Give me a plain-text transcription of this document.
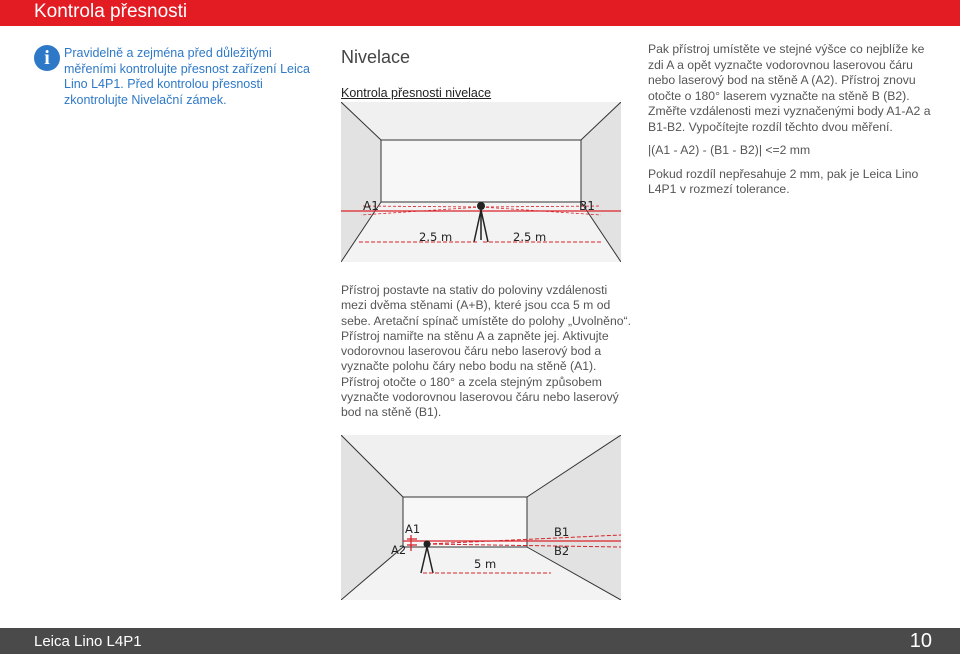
Kontrola přesnosti
i	Pravidelně a zejména před důležitými měřeními kontrolujte přesnost zařízení Leica Lino L4P1. Před kontrolou přesnosti zkontrolujte Nivelační zámek.
Nivelace
Kontrola přesnosti nivelace
A1	B1
2.5 m	2.5 m
Přístroj postavte na stativ do poloviny vzdálenosti mezi dvěma stěnami (A+B), které jsou cca 5 m od sebe. Aretační spínač umístěte do polohy „Uvolněno“. Přístroj namiřte na stěnu A a zapněte jej. Aktivujte vodorovnou laserovou čáru nebo laserový bod a vyznačte polohu čáry nebo bodu na stěně (A1). Přístroj otočte o 180° a zcela stejným způsobem vyznačte vodorovnou laserovou čáru nebo laserový bod na stěně (B1).
A1
A2
B1
B2
5 m

Pak přístroj umístěte ve stejné výšce co nejblíže ke zdi A a opět vyznačte vodorovnou laserovou čáru nebo laserový bod na stěně A (A2). Přístroj znovu otočte o 180° laserem vyznačte na stěně B (B2). Změřte vzdálenosti mezi vyznačenými body A1-A2 a B1-B2. Vypočítejte rozdíl těchto dvou měření.

|(A1 - A2) - (B1 - B2)| <=2 mm

Pokud rozdíl nepřesahuje 2 mm, pak je Leica Lino L4P1 v rozmezí tolerance.

Leica Lino L4P1	10
